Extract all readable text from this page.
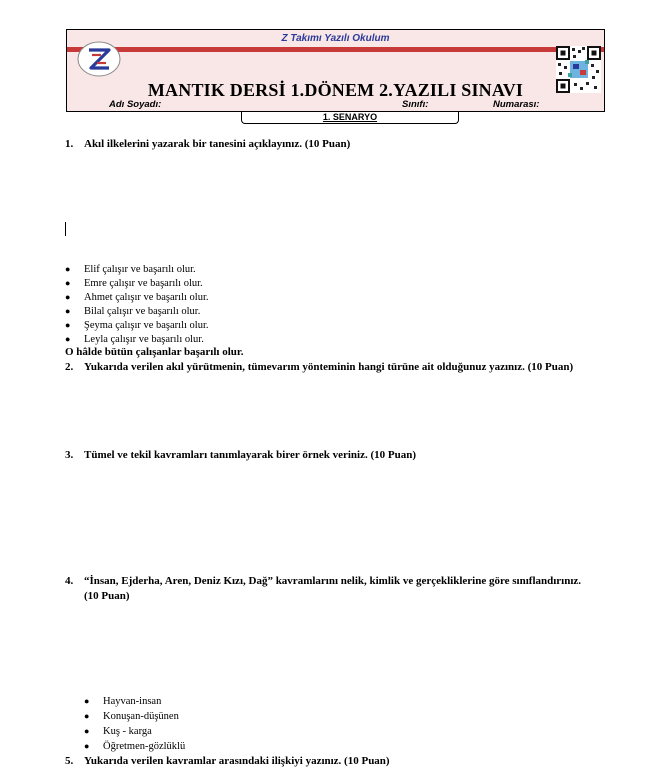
Z Takımı Yazılı Okulum
MANTIK DERSİ 1.DÖNEM 2.YAZILI SINAVI
Adı Soyadı:	Sınıfı:	Numarası:
1. SENARYO
1. Akıl ilkelerini yazarak bir tanesini açıklayınız. (10 Puan)
● Elif çalışır ve başarılı olur.
● Emre çalışır ve başarılı olur.
● Ahmet çalışır ve başarılı olur.
● Bilal çalışır ve başarılı olur.
● Şeyma çalışır ve başarılı olur.
● Leyla çalışır ve başarılı olur.
O hâlde bütün çalışanlar başarılı olur.
2. Yukarıda verilen akıl yürütmenin, tümevarım yönteminin hangi türüne ait olduğunuz yazınız. (10 Puan)
3. Tümel ve tekil kavramları tanımlayarak birer örnek veriniz. (10 Puan)
4. “İnsan, Ejderha, Aren, Deniz Kızı, Dağ” kavramlarını nelik, kimlik ve gerçekliklerine göre sınıflandırınız.
(10 Puan)
● Hayvan-insan
● Konuşan-düşünen
● Kuş - karga
● Öğretmen-gözlüklü
5. Yukarıda verilen kavramlar arasındaki ilişkiyi yazınız. (10 Puan)
